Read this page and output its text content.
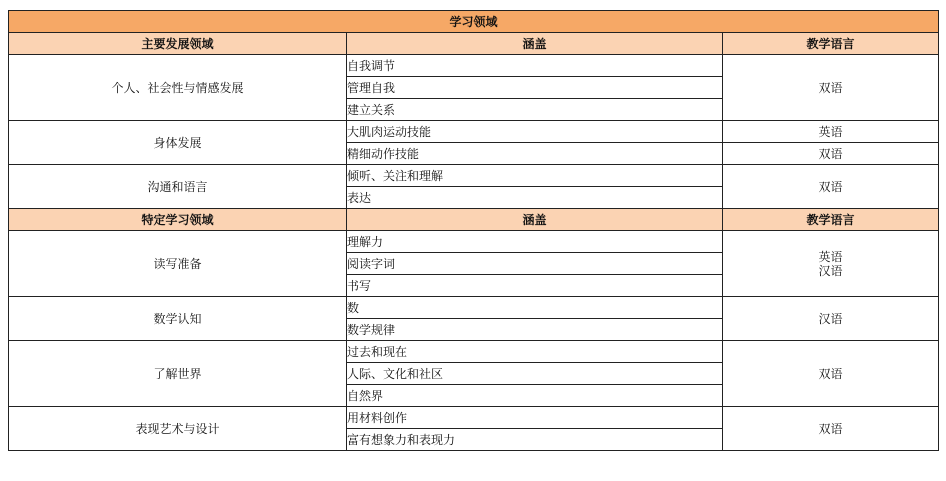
学习领域		
主要发展领域	涵盖	教学语言
个人、社会性与情感发展	自我调节	双语

	管理自我	
	建立关系	
身体发展	大肌肉运动技能	英语

	精细动作技能	双语

沟通和语言	倾听、关注和理解	双语

	表达	
特定学习领域	涵盖	教学语言
读写准备	理解力	英语
汉语

	阅读字词	
	书写	
数学认知	数	汉语

	数学规律	
了解世界	过去和现在	双语

	人际、文化和社区	
	自然界	
表现艺术与设计	用材料创作	双语

	富有想象力和表现力	
